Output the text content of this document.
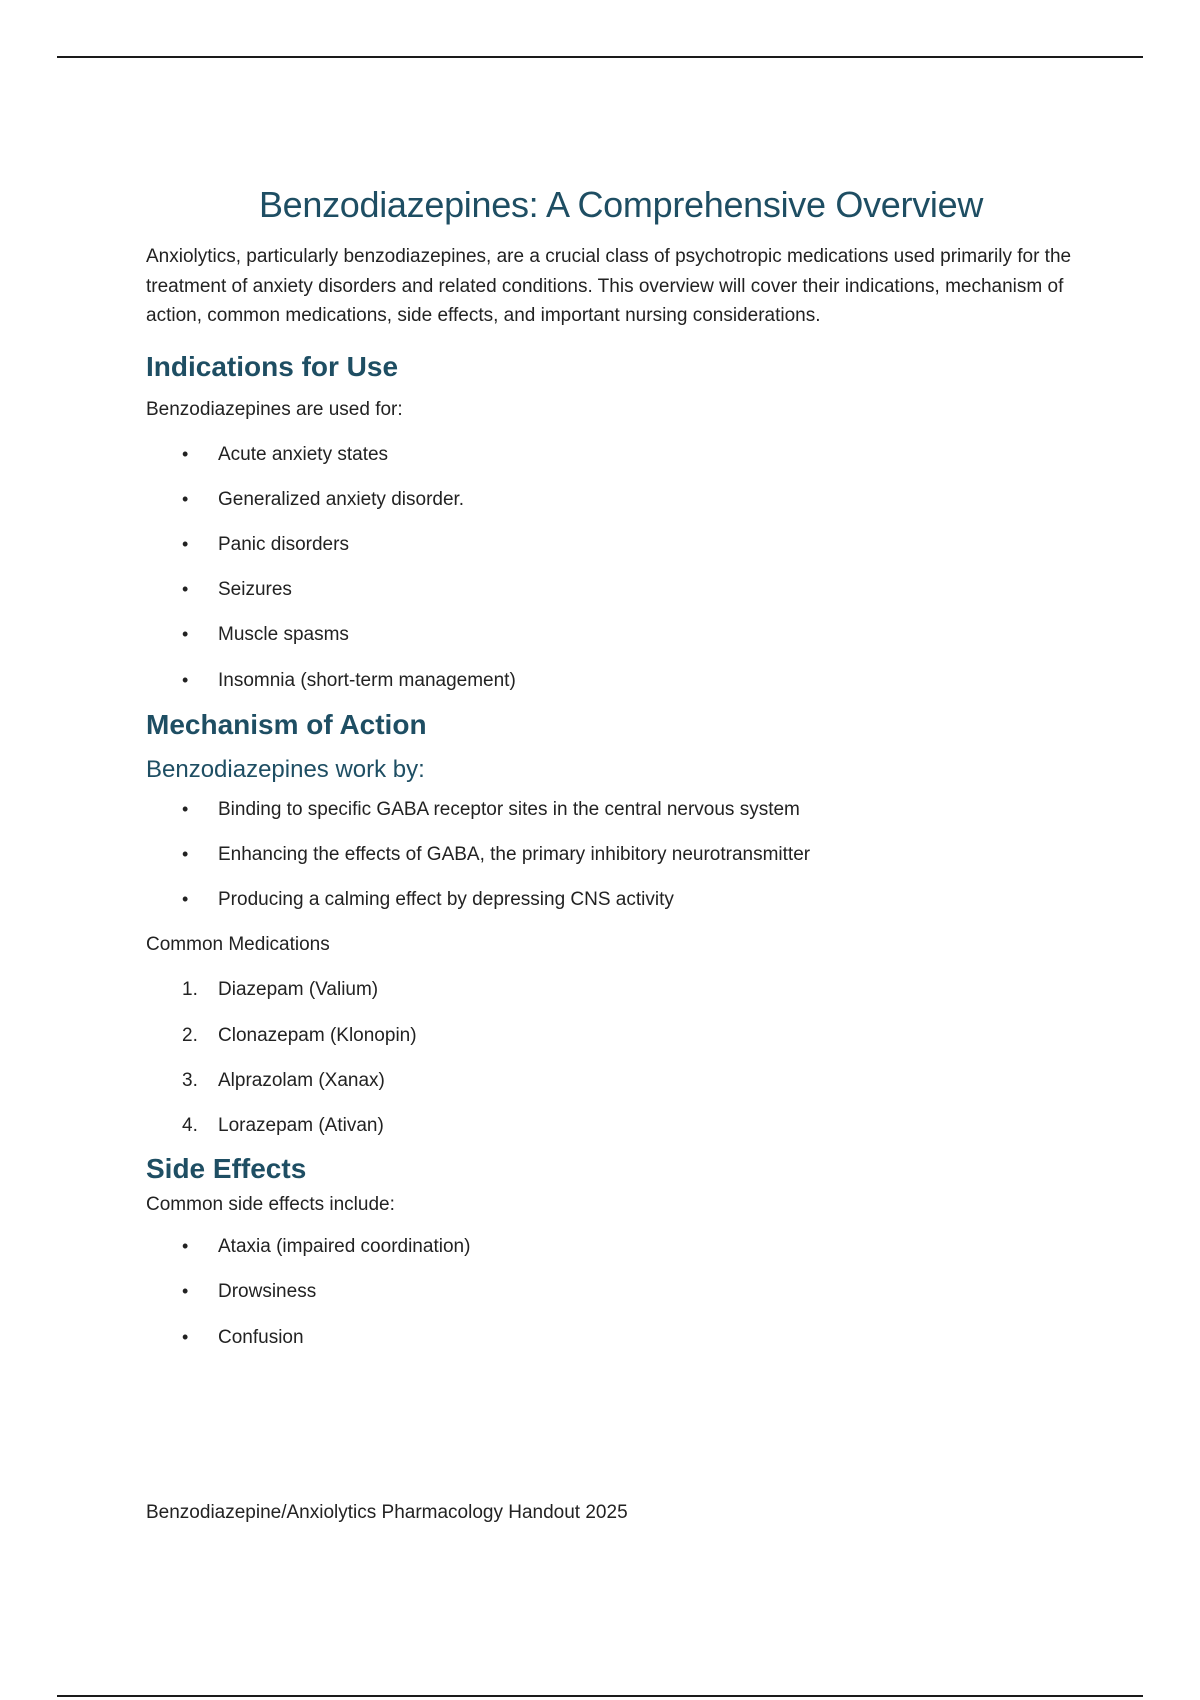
Benzodiazepines: A Comprehensive Overview

Anxiolytics, particularly benzodiazepines, are a crucial class of psychotropic medications used primarily for the treatment of anxiety disorders and related conditions. This overview will cover their indications, mechanism of action, common medications, side effects, and important nursing considerations.

Indications for Use

Benzodiazepines are used for:

• Acute anxiety states
• Generalized anxiety disorder.
• Panic disorders
• Seizures
• Muscle spasms
• Insomnia (short-term management)
Mechanism of Action
Benzodiazepines work by:
• Binding to specific GABA receptor sites in the central nervous system
• Enhancing the effects of GABA, the primary inhibitory neurotransmitter
• Producing a calming effect by depressing CNS activity

Common Medications

1. Diazepam (Valium)
2. Clonazepam (Klonopin)
3. Alprazolam (Xanax)
4. Lorazepam (Ativan)
Side Effects

Common side effects include:

• Ataxia (impaired coordination)
• Drowsiness
• Confusion
Benzodiazepine/Anxiolytics Pharmacology Handout 2025
